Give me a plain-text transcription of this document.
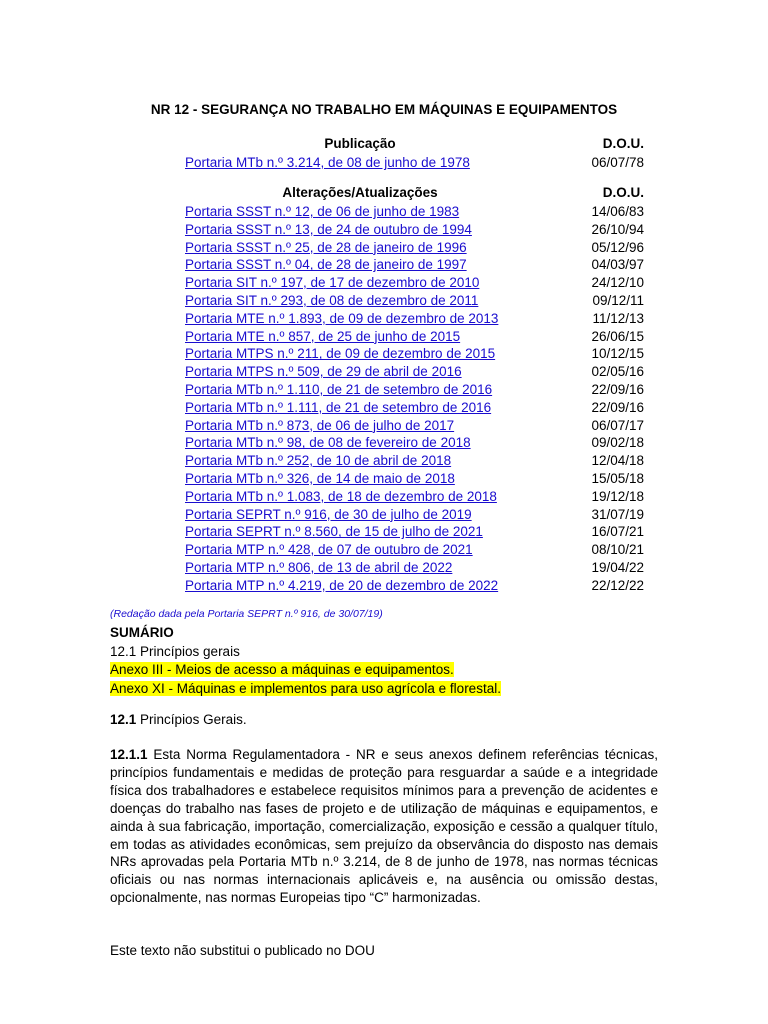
NR 12 - SEGURANÇA NO TRABALHO EM MÁQUINAS E EQUIPAMENTOS
Publicação	D.O.U.
Portaria MTb n.º 3.214, de 08 de junho de 1978	06/07/78
Alterações/Atualizações	D.O.U.
Portaria SSST n.º 12, de 06 de junho de 1983	14/06/83
Portaria SSST n.º 13, de 24 de outubro de 1994	26/10/94
Portaria SSST n.º 25, de 28 de janeiro de 1996	05/12/96
Portaria SSST n.º 04, de 28 de janeiro de 1997	04/03/97
Portaria SIT n.º 197, de 17 de dezembro de 2010	24/12/10
Portaria SIT n.º 293, de 08 de dezembro de 2011	09/12/11
Portaria MTE n.º 1.893, de 09 de dezembro de 2013	11/12/13
Portaria MTE n.º 857, de 25 de junho de 2015	26/06/15
Portaria MTPS n.º 211, de 09 de dezembro de 2015	10/12/15
Portaria MTPS n.º 509, de 29 de abril de 2016	02/05/16
Portaria MTb n.º 1.110, de 21 de setembro de 2016	22/09/16
Portaria MTb n.º 1.111, de 21 de setembro de 2016	22/09/16
Portaria MTb n.º 873, de 06 de julho de 2017	06/07/17
Portaria MTb n.º 98, de 08 de fevereiro de 2018	09/02/18
Portaria MTb n.º 252, de 10 de abril de 2018	12/04/18
Portaria MTb n.º 326, de 14 de maio de 2018	15/05/18
Portaria MTb n.º 1.083, de 18 de dezembro de 2018	19/12/18
Portaria SEPRT n.º 916, de 30 de julho de 2019	31/07/19
Portaria SEPRT n.º 8.560, de 15 de julho de 2021	16/07/21
Portaria MTP n.º 428, de 07 de outubro de 2021	08/10/21
Portaria MTP n.º 806, de 13 de abril de 2022	19/04/22
Portaria MTP n.º 4.219, de 20 de dezembro de 2022	22/12/22
(Redação dada pela Portaria SEPRT n.º 916, de 30/07/19)
SUMÁRIO
12.1 Princípios gerais
Anexo III - Meios de acesso a máquinas e equipamentos.
Anexo XI - Máquinas e implementos para uso agrícola e florestal.
12.1 Princípios Gerais.
12.1.1 Esta Norma Regulamentadora - NR e seus anexos definem referências técnicas, princípios fundamentais e medidas de proteção para resguardar a saúde e a integridade física dos trabalhadores e estabelece requisitos mínimos para a prevenção de acidentes e doenças do trabalho nas fases de projeto e de utilização de máquinas e equipamentos, e ainda à sua fabricação, importação, comercialização, exposição e cessão a qualquer título, em todas as atividades econômicas, sem prejuízo da observância do disposto nas demais NRs aprovadas pela Portaria MTb n.º 3.214, de 8 de junho de 1978, nas normas técnicas oficiais ou nas normas internacionais aplicáveis e, na ausência ou omissão destas, opcionalmente, nas normas Europeias tipo “C” harmonizadas.
Este texto não substitui o publicado no DOU
